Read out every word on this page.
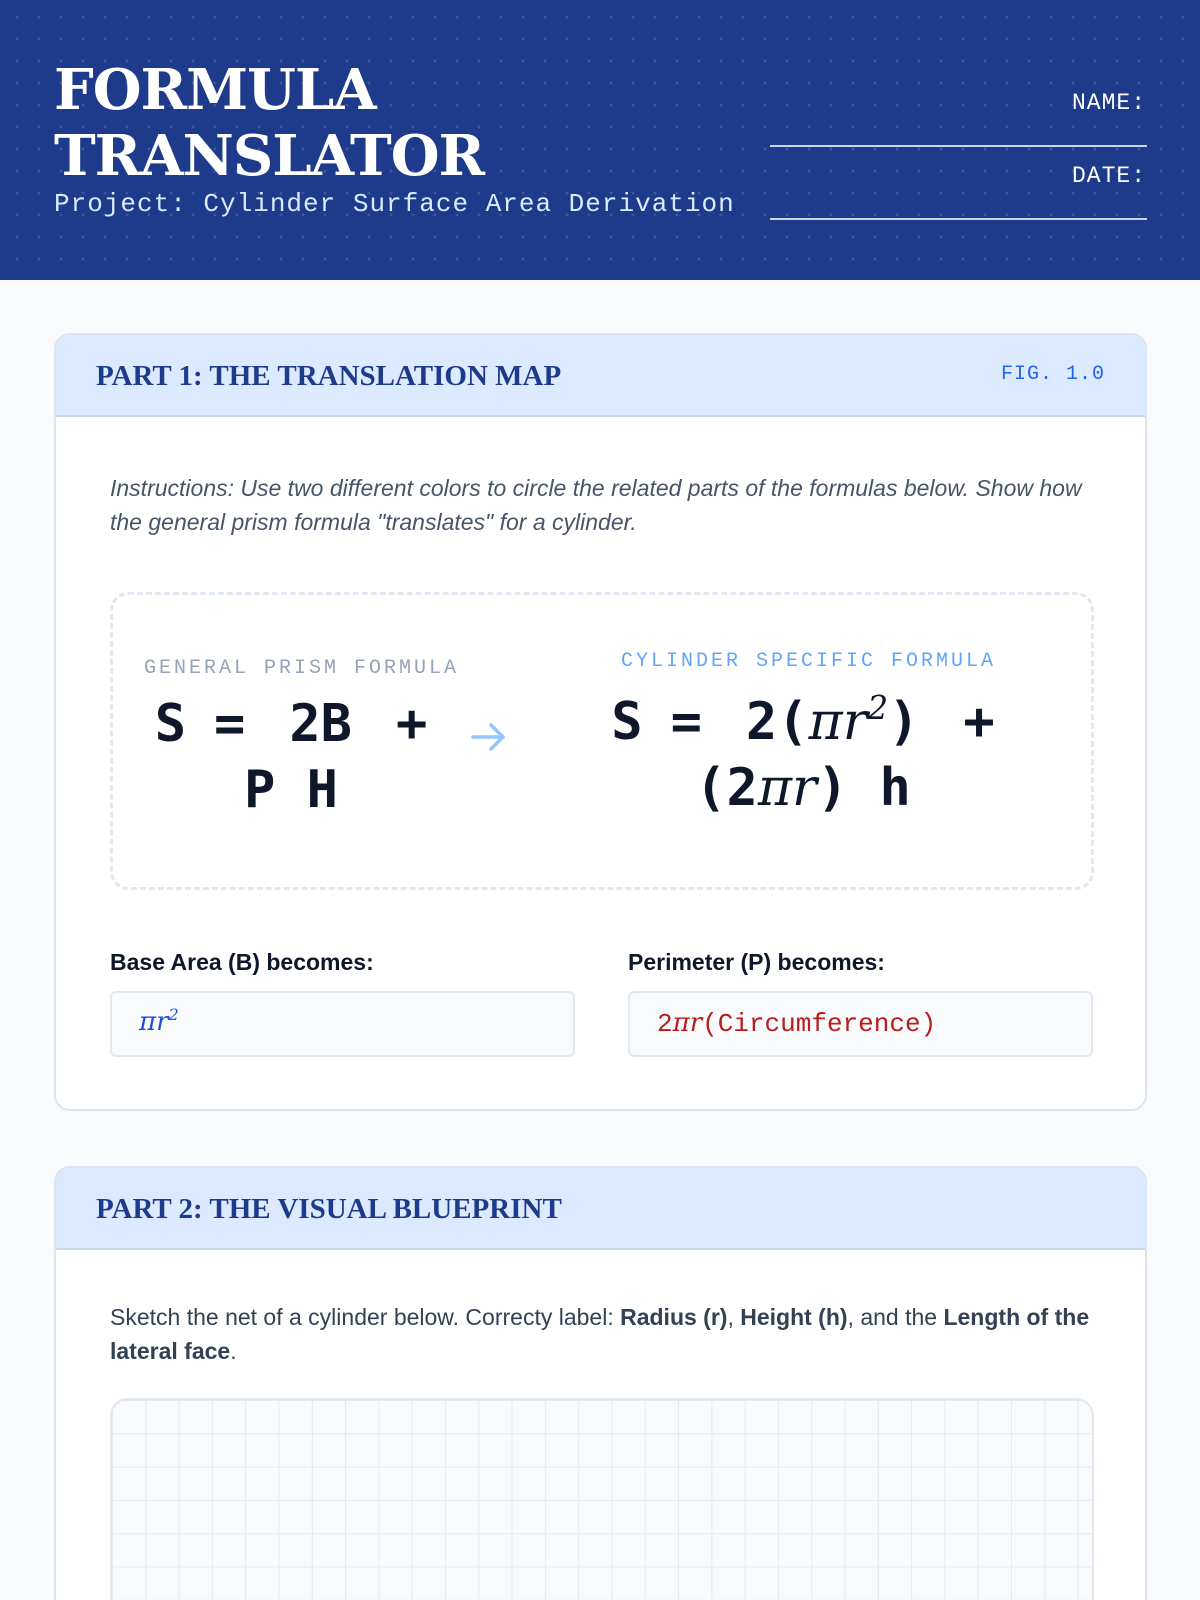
FORMULA
TRANSLATOR
Project: Cylinder Surface Area Derivation
NAME:
DATE:
PART 1: THE TRANSLATION MAP	FIG. 1.0
Instructions: Use two different colors to circle the related parts of the formulas below. Show how the general prism formula "translates" for a cylinder.
GENERAL PRISM FORMULA	CYLINDER SPECIFIC FORMULA
S = 2B + P H
$S = 2(\pi r^2) + (2\pi r)$ h
Base Area (B) becomes:
$\pi r^2$
Perimeter (P) becomes:
2πr(Circumference)
PART 2: THE VISUAL BLUEPRINT
Sketch the net of a cylinder below. Correcty label: Radius (r), Height (h), and the Length of the lateral face.
